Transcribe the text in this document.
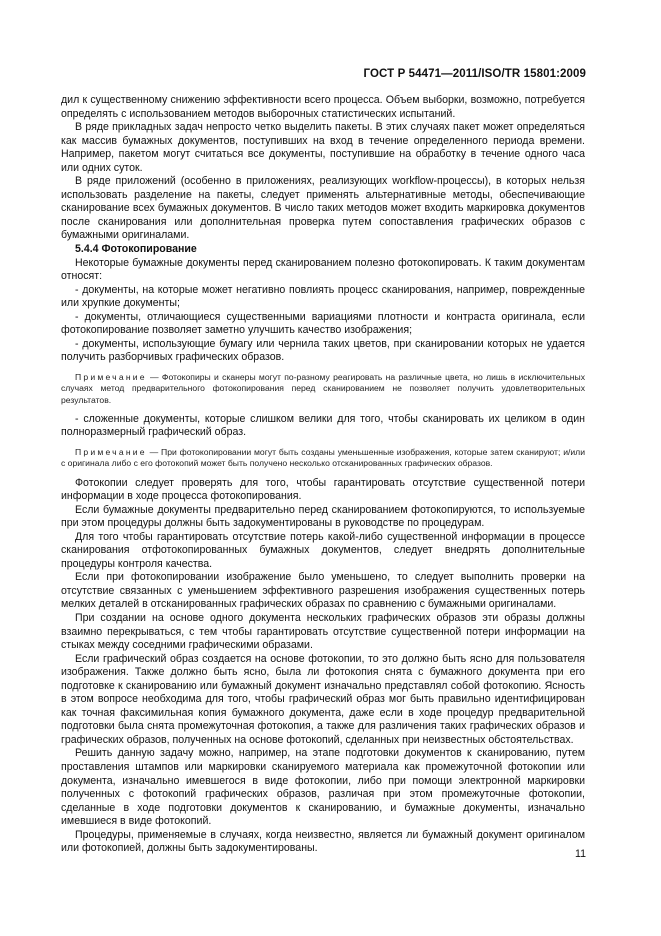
ГОСТ Р 54471—2011/ISO/TR 15801:2009

дил к существенному снижению эффективности всего процесса. Объем выборки, возможно, потребуется определять с использованием методов выборочных статистических испытаний.

В ряде прикладных задач непросто четко выделить пакеты. В этих случаях пакет может определяться как массив бумажных документов, поступивших на вход в течение определенного периода времени. Например, пакетом могут считаться все документы, поступившие на обработку в течение одного часа или одних суток.

В ряде приложений (особенно в приложениях, реализующих workflow-процессы), в которых нельзя использовать разделение на пакеты, следует применять альтернативные методы, обеспечивающие сканирование всех бумажных документов. В число таких методов может входить маркировка документов после сканирования или дополнительная проверка путем сопоставления графических образов с бумажными оригиналами.

5.4.4 Фотокопирование

Некоторые бумажные документы перед сканированием полезно фотокопировать. К таким документам относят:

- документы, на которые может негативно повлиять процесс сканирования, например, поврежденные или хрупкие документы;

- документы, отличающиеся существенными вариациями плотности и контраста оригинала, если фотокопирование позволяет заметно улучшить качество изображения;

- документы, использующие бумагу или чернила таких цветов, при сканировании которых не удается получить разборчивых графических образов.

Примечание — Фотокопиры и сканеры могут по-разному реагировать на различные цвета, но лишь в исключительных случаях метод предварительного фотокопирования перед сканированием не позволяет получить удовлетворительных результатов.

- сложенные документы, которые слишком велики для того, чтобы сканировать их целиком в один полноразмерный графический образ.

Примечание — При фотокопировании могут быть созданы уменьшенные изображения, которые затем сканируют; и/или с оригинала либо с его фотокопий может быть получено несколько отсканированных графических образов.

Фотокопии следует проверять для того, чтобы гарантировать отсутствие существенной потери информации в ходе процесса фотокопирования.

Если бумажные документы предварительно перед сканированием фотокопируются, то используемые при этом процедуры должны быть задокументированы в руководстве по процедурам.

Для того чтобы гарантировать отсутствие потерь какой-либо существенной информации в процессе сканирования отфотокопированных бумажных документов, следует внедрять дополнительные процедуры контроля качества.

Если при фотокопировании изображение было уменьшено, то следует выполнить проверки на отсутствие связанных с уменьшением эффективного разрешения изображения существенных потерь мелких деталей в отсканированных графических образах по сравнению с бумажными оригиналами.

При создании на основе одного документа нескольких графических образов эти образы должны взаимно перекрываться, с тем чтобы гарантировать отсутствие существенной потери информации на стыках между соседними графическими образами.

Если графический образ создается на основе фотокопии, то это должно быть ясно для пользователя изображения. Также должно быть ясно, была ли фотокопия снята с бумажного документа при его подготовке к сканированию или бумажный документ изначально представлял собой фотокопию. Ясность в этом вопросе необходима для того, чтобы графический образ мог быть правильно идентифицирован как точная факсимильная копия бумажного документа, даже если в ходе процедур предварительной подготовки была снята промежуточная фотокопия, а также для различения таких графических образов и графических образов, полученных на основе фотокопий, сделанных при неизвестных обстоятельствах.

Решить данную задачу можно, например, на этапе подготовки документов к сканированию, путем проставления штампов или маркировки сканируемого материала как промежуточной фотокопии или документа, изначально имевшегося в виде фотокопии, либо при помощи электронной маркировки полученных с фотокопий графических образов, различая при этом промежуточные фотокопии, сделанные в ходе подготовки документов к сканированию, и бумажные документы, изначально имевшиеся в виде фотокопий.

Процедуры, применяемые в случаях, когда неизвестно, является ли бумажный документ оригиналом или фотокопией, должны быть задокументированы.	11
